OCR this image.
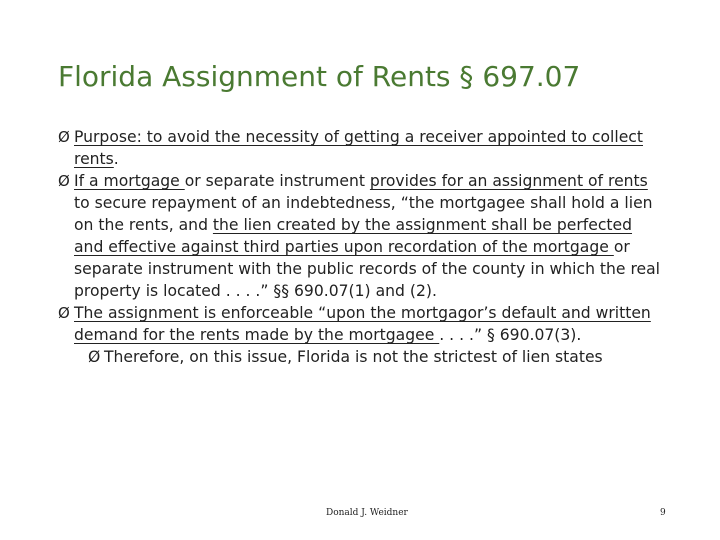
Florida Assignment of Rents § 697.07
Ø Purpose: to avoid the necessity of getting a receiver appointed to collect rents.
Ø If a mortgage or separate instrument provides for an assignment of rents to secure repayment of an indebtedness, “the mortgagee shall hold a lien on the rents, and the lien created by the assignment shall be perfected and effective against third parties upon recordation of the mortgage or separate instrument with the public records of the county in which the real property is located . . . .” §§ 690.07(1) and (2).
Ø The assignment is enforceable “upon the mortgagor’s default and written demand for the rents made by the mortgagee . . . .” § 690.07(3).
Ø Therefore, on this issue, Florida is not the strictest of lien states
Donald J. Weidner	9
